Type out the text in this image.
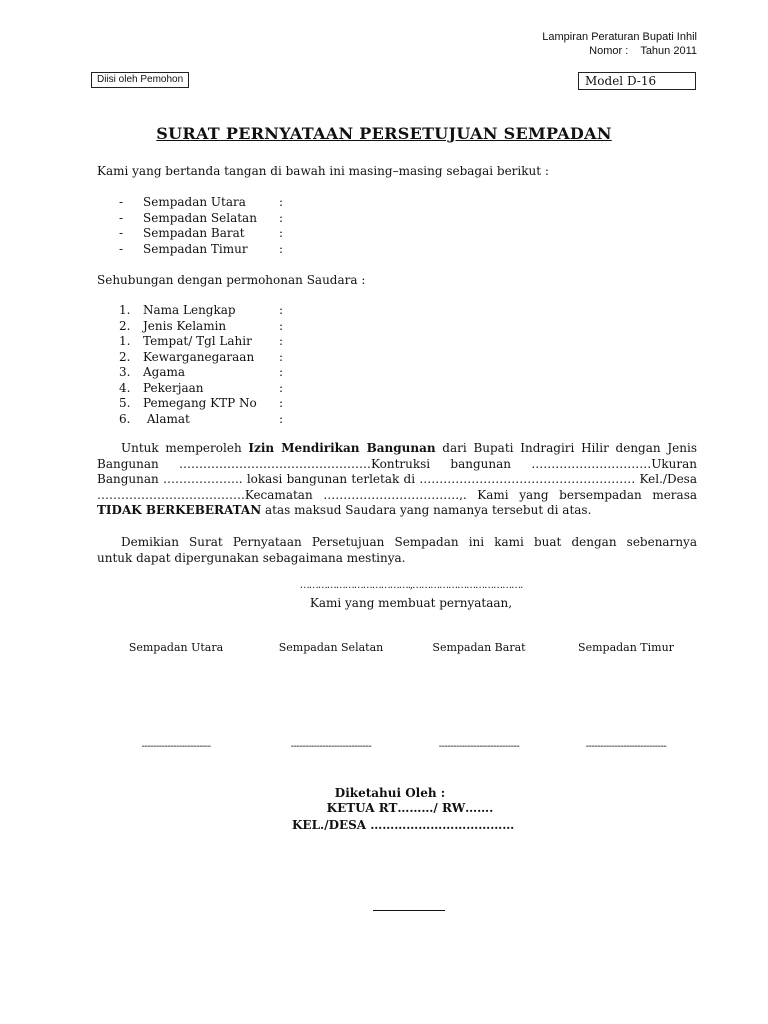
Lampiran Peraturan Bupati Inhil
Nomor :    Tahun 2011
Diisi oleh Pemohon	Model D-16
SURAT PERNYATAAN PERSETUJUAN SEMPADAN
Kami yang bertanda tangan di bawah ini masing–masing sebagai berikut :
- Sempadan Utara	:
- Sempadan Selatan :
- Sempadan Barat	:
- Sempadan Timur	:
Sehubungan dengan permohonan Saudara :
1. Nama Lengkap	:
2. Jenis Kelamin	:
1. Tempat/ Tgl Lahir :
2. Kewarganegaraan :
3. Agama	:
4. Pekerjaan	:
5. Pemegang KTP No :
6. Alamat	:
Untuk memperoleh Izin Mendirikan Bangunan dari Bupati Indragiri Hilir dengan Jenis
Bangunan …………………………………………Kontruksi bangunan …………………………Ukuran
Bangunan ……………….. lokasi bangunan terletak di ……………………………………………… Kel./Desa
……………………………….Kecamatan …………………………….,. Kami yang bersempadan merasa
TIDAK BERKEBERATAN atas maksud Saudara yang namanya tersebut di atas.
Demikian Surat Pernyataan Persetujuan Sempadan ini kami buat dengan sebenarnya
untuk dapat dipergunakan sebagaimana mestinya.
……………………………….,……………………………….
Kami yang membuat pernyataan,
Sempadan Utara	Sempadan Selatan	Sempadan Barat	Sempadan Timur
------------------------	----------------------------	----------------------------	----------------------------
Diketahui Oleh :
KETUA RT………/ RW…….
KEL./DESA ………………………………
